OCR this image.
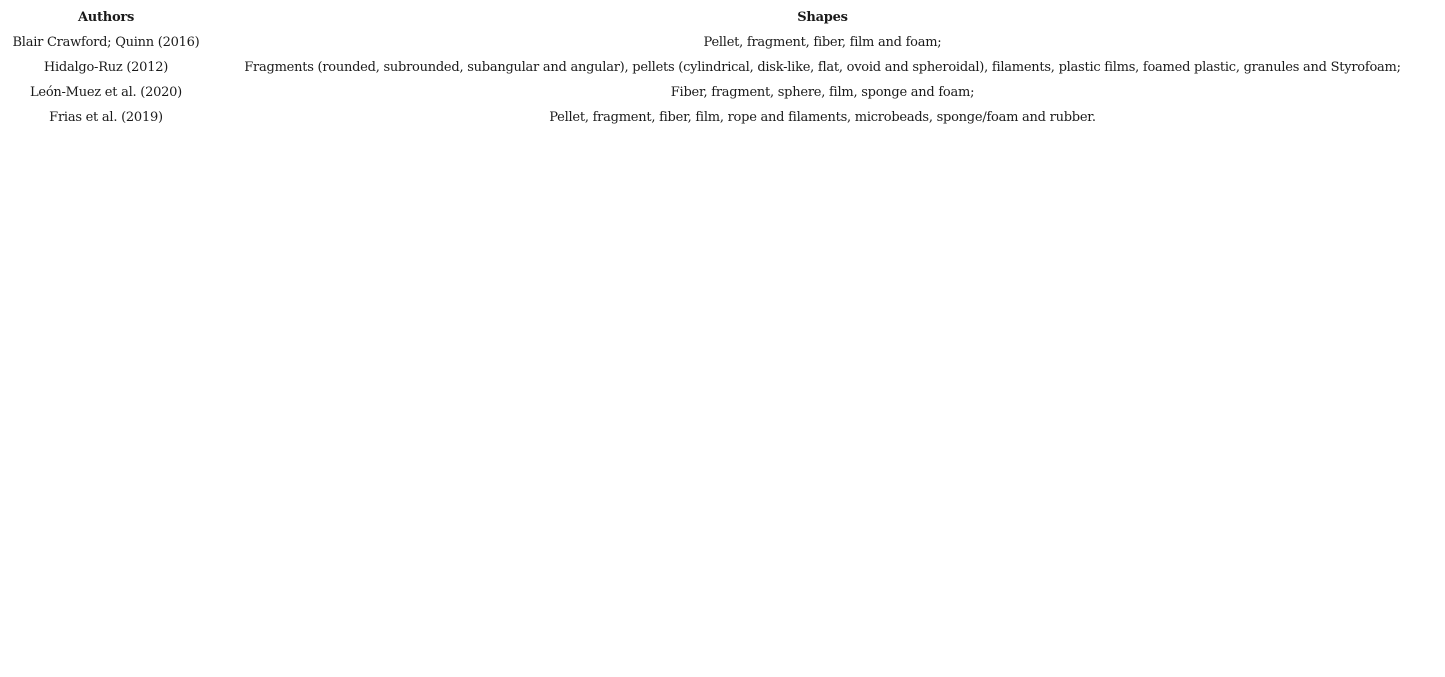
Authors	Shapes
Blair Crawford; Quinn (2016)	Pellet, fragment, fiber, film and foam;
Hidalgo-Ruz (2012)	Fragments (rounded, subrounded, subangular and angular), pellets (cylindrical, disk-like, flat, ovoid and spheroidal), filaments, plastic films, foamed plastic, granules and Styrofoam;
León-Muez et al. (2020)	Fiber, fragment, sphere, film, sponge and foam;
Frias et al. (2019)	Pellet, fragment, fiber, film, rope and filaments, microbeads, sponge/foam and rubber.
